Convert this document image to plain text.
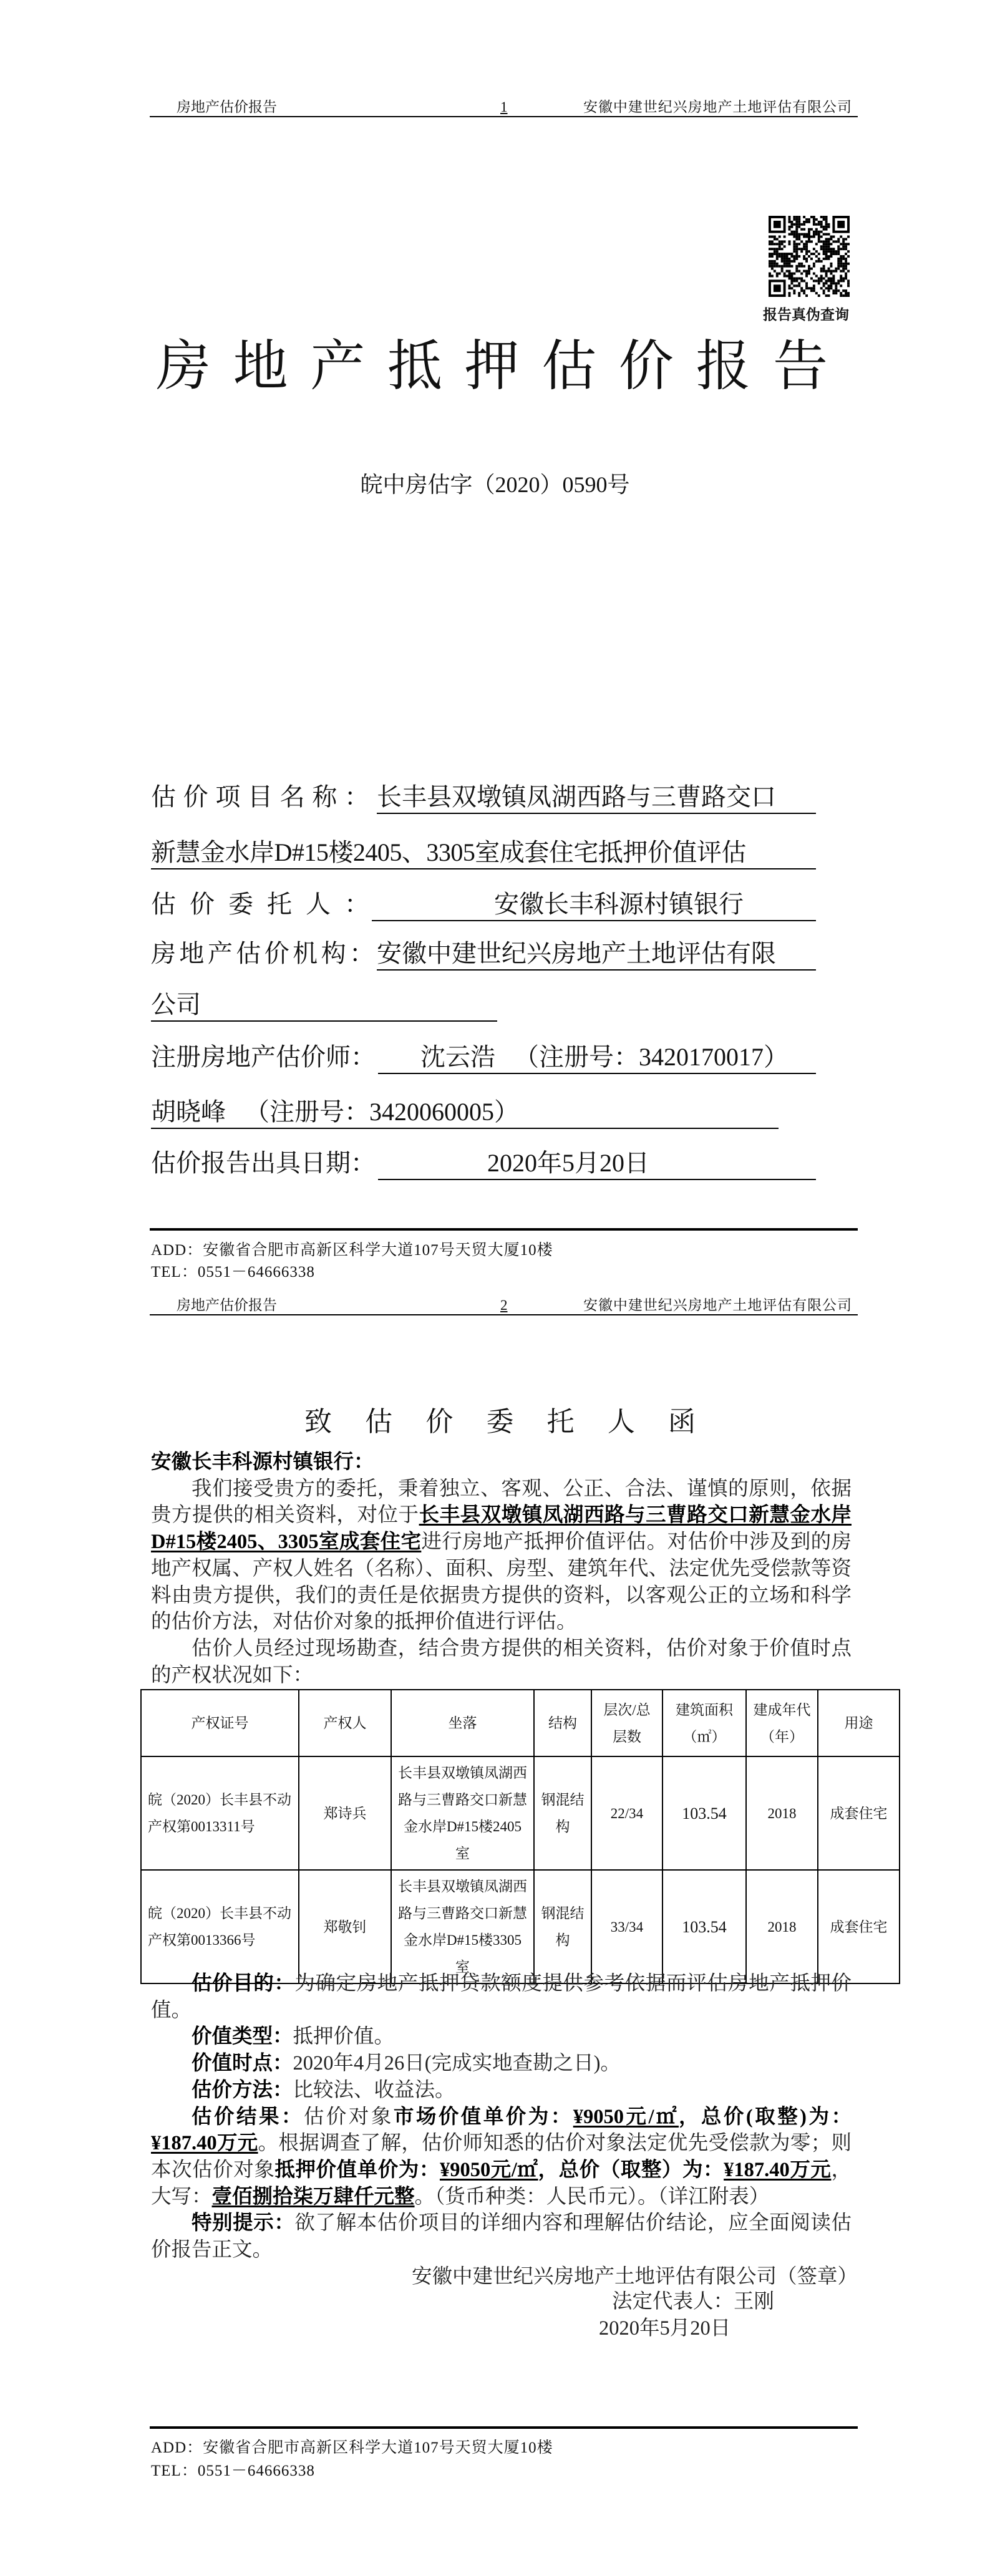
房地产估价报告	1	安徽中建世纪兴房地产土地评估有限公司
报告真伪查询
房地产抵押估价报告
皖中房估字（2020）0590号
估价项目名称： 长丰县双墩镇凤湖西路与三曹路交口
新慧金水岸D#15楼2405、3305室成套住宅抵押价值评估
估价委托人：	安徽长丰科源村镇银行

房地产估价机构： 安徽中建世纪兴房地产土地评估有限
公司
注册房地产估价师： 沈云浩   （注册号：3420170017）

胡晓峰   （注册号：3420060005）
估价报告出具日期：	2020年5月20日

ADD：安徽省合肥市高新区科学大道107号天贸大厦10楼
TEL：0551－64666338
房地产估价报告	2	安徽中建世纪兴房地产土地评估有限公司
致估价委托人函

安徽长丰科源村镇银行：

我们接受贵方的委托，秉着独立、客观、公正、合法、谨慎的原则，依据贵方提供的相关资料，对位于长丰县双墩镇凤湖西路与三曹路交口新慧金水岸D#15楼2405、3305室成套住宅进行房地产抵押价值评估。对估价中涉及到的房地产权属、产权人姓名（名称）、面积、房型、建筑年代、法定优先受偿款等资料由贵方提供，我们的责任是依据贵方提供的资料，以客观公正的立场和科学的估价方法，对估价对象的抵押价值进行评估。

估价人员经过现场勘查，结合贵方提供的相关资料，估价对象于价值时点的产权状况如下：

产权证号	产权人	坐落	结构	层次/总层数	建筑面积（㎡）	建成年代（年）	用途
皖（2020）长丰县不动产权第0013311号	郑诗兵	长丰县双墩镇凤湖西路与三曹路交口新慧金水岸D#15楼2405室	钢混结构	22/34	103.54	2018	成套住宅
皖（2020）长丰县不动产权第0013366号	郑敬钊	长丰县双墩镇凤湖西路与三曹路交口新慧金水岸D#15楼3305室	钢混结构	33/34	103.54	2018	成套住宅

估价目的：为确定房地产抵押贷款额度提供参考依据而评估房地产抵押价值。

价值类型：抵押价值。

价值时点：2020年4月26日(完成实地查勘之日)。

估价方法：比较法、收益法。

估价结果：估价对象市场价值单价为：¥9050元/㎡，总价(取整)为：¥187.40万元。根据调查了解，估价师知悉的估价对象法定优先受偿款为零；则本次估价对象抵押价值单价为：¥9050元/㎡，总价（取整）为：¥187.40万元，大写：壹佰捌拾柒万肆仟元整。（货币种类：人民币元）。（详江附表）

特别提示：欲了解本估价项目的详细内容和理解估价结论，应全面阅读估价报告正文。

安徽中建世纪兴房地产土地评估有限公司（签章）
法定代表人：王刚
2020年5月20日
ADD：安徽省合肥市高新区科学大道107号天贸大厦10楼
TEL：0551－64666338
